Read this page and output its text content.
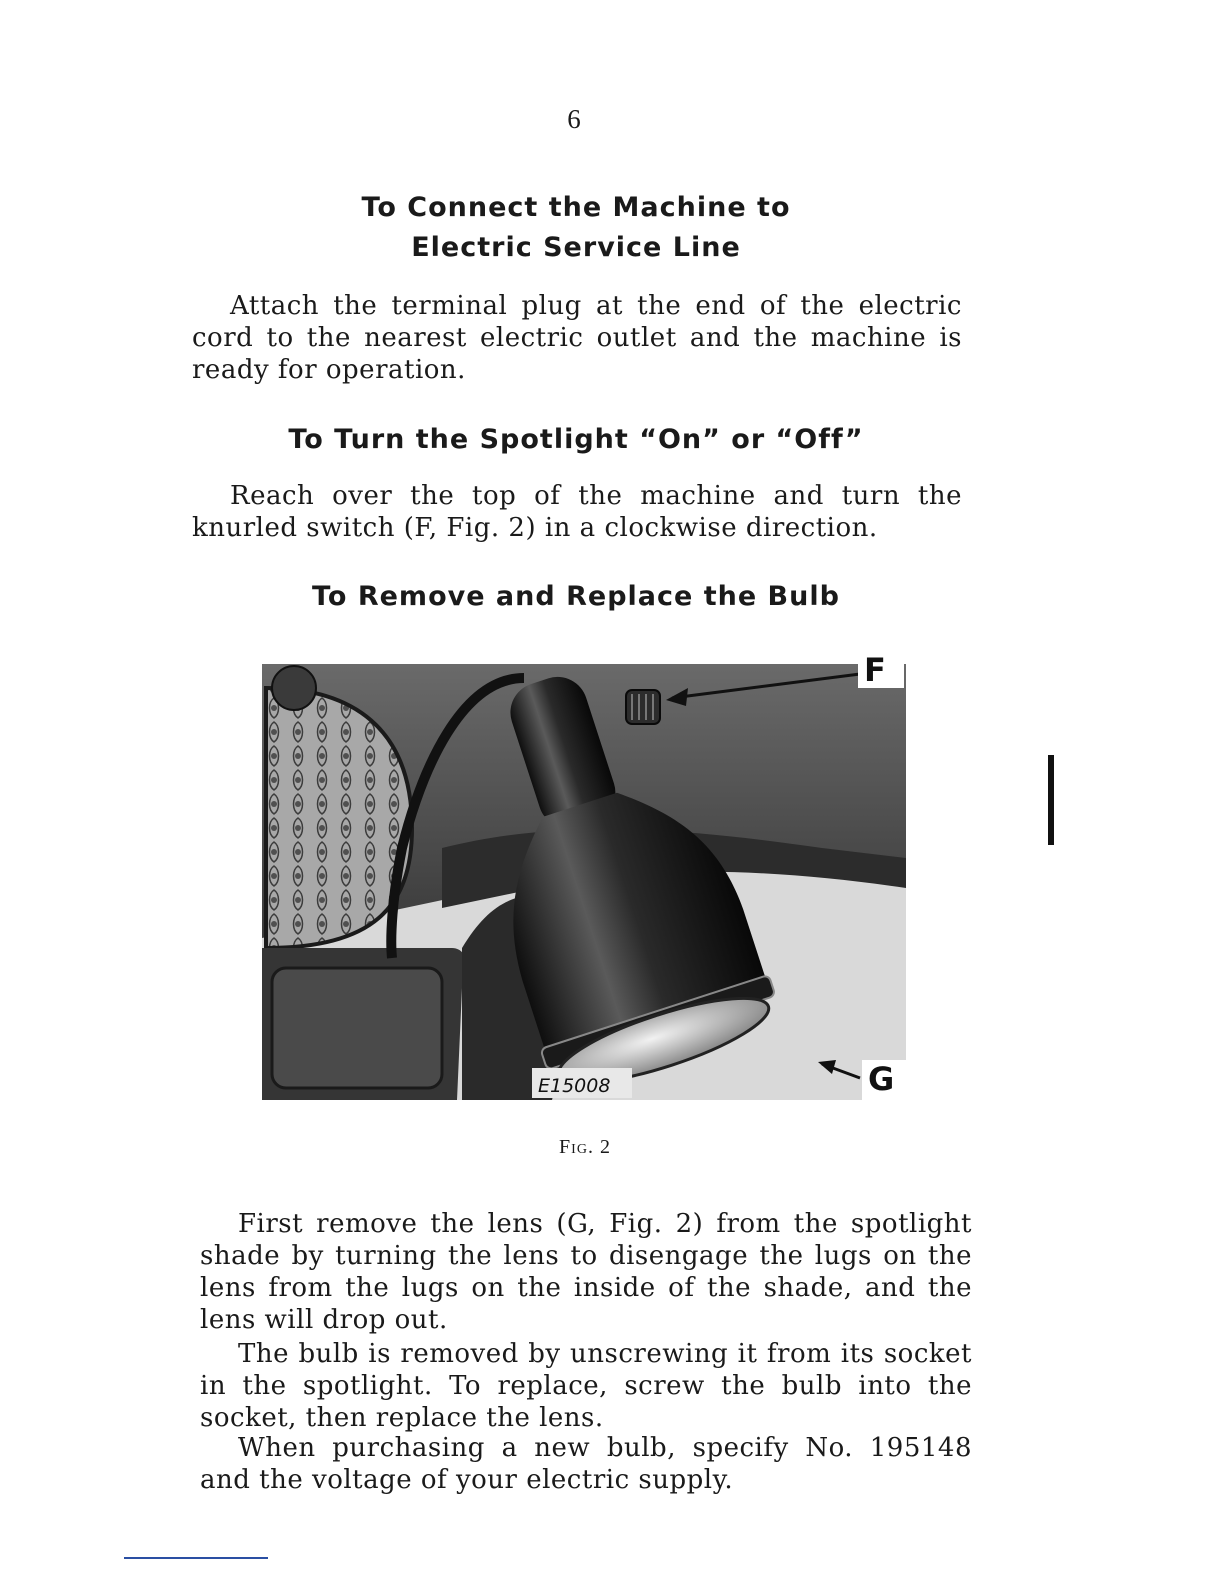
6
To Connect the Machine to
Electric Service Line

Attach the terminal plug at the end of the electric cord to the nearest electric outlet and the machine is ready for operation.

To Turn the Spotlight “On” or “Off”

Reach over the top of the machine and turn the knurled switch (F, Fig. 2) in a clockwise direction.

To Remove and Replace the Bulb
F
G
E15008
Fig. 2

First remove the lens (G, Fig. 2) from the spotlight shade by turning the lens to disengage the lugs on the lens from the lugs on the inside of the shade, and the lens will drop out.

The bulb is removed by unscrewing it from its socket in the spotlight. To replace, screw the bulb into the socket, then replace the lens.

When purchasing a new bulb, specify No. 195148 and the voltage of your electric supply.
